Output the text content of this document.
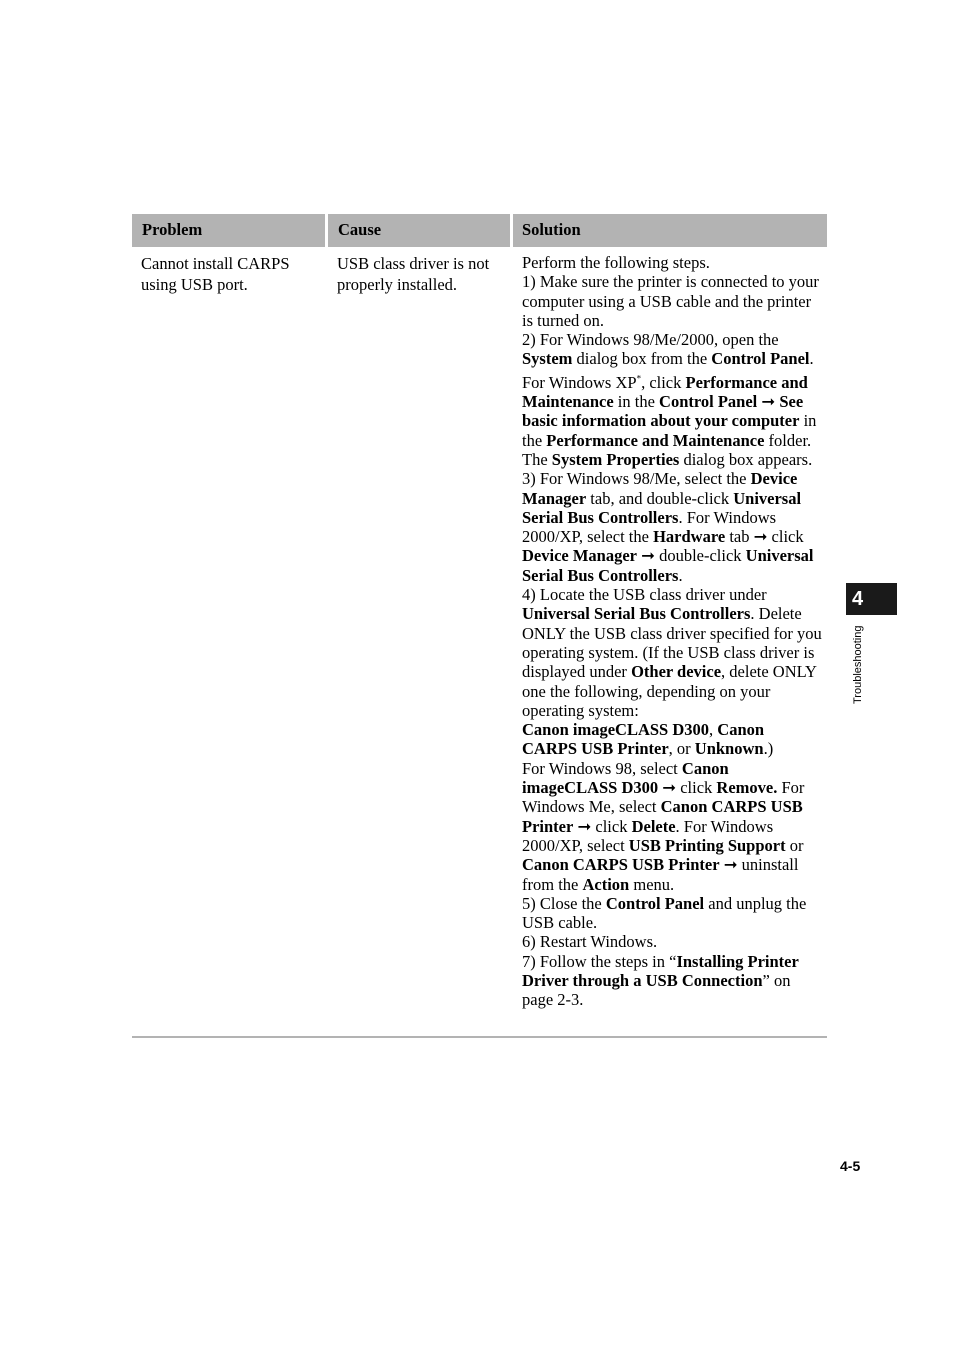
Problem	Cause	Solution
Cannot install CARPS using USB port.
USB class driver is not properly installed.

Perform the following steps.

1) Make sure the printer is connected to your computer using a USB cable and the printer is turned on.

2) For Windows 98/Me/2000, open the System dialog box from the Control Panel.

For Windows XP*, click Performance and Maintenance in the Control Panel ➞ See basic information about your computer in the Performance and Maintenance folder. The System Properties dialog box appears.

3) For Windows 98/Me, select the Device Manager tab, and double-click Universal Serial Bus Controllers. For Windows 2000/XP, select the Hardware tab ➞ click Device Manager ➞ double-click Universal Serial Bus Controllers.

4) Locate the USB class driver under Universal Serial Bus Controllers. Delete ONLY the USB class driver specified for you operating system. (If the USB class driver is displayed under Other device, delete ONLY one the following, depending on your operating system:

Canon imageCLASS D300, Canon CARPS USB Printer, or Unknown.)

For Windows 98, select Canon imageCLASS D300 ➞ click Remove. For Windows Me, select Canon CARPS USB Printer ➞ click Delete. For Windows 2000/XP, select USB Printing Support or Canon CARPS USB Printer ➞ uninstall from the Action menu.

5) Close the Control Panel and unplug the USB cable.

6) Restart Windows.

7) Follow the steps in “Installing Printer Driver through a USB Connection” on page 2-3.

4
Troubleshooting
4-5
